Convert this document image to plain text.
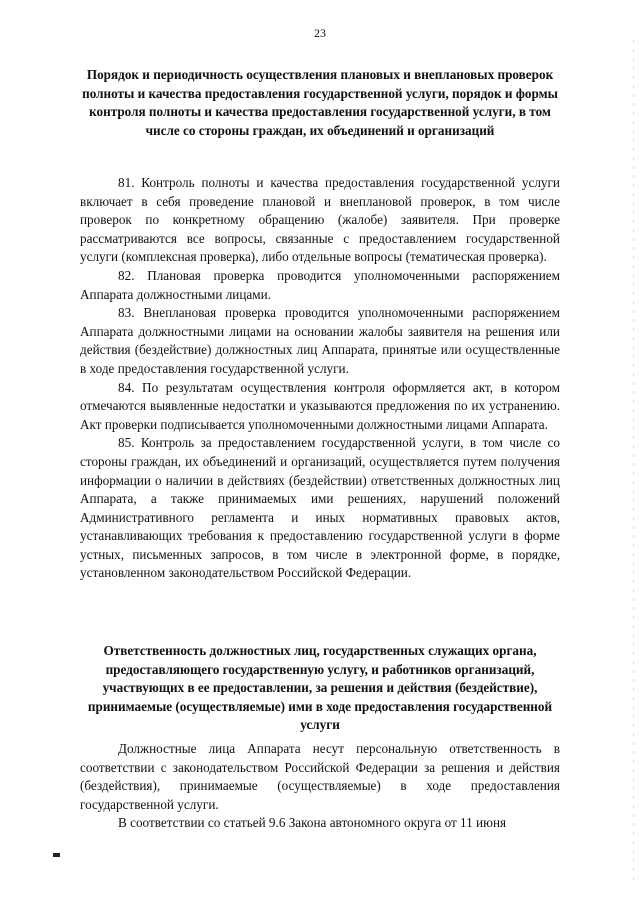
23
Порядок и периодичность осуществления плановых и внеплановых проверок полноты и качества предоставления государственной услуги, порядок и формы контроля полноты и качества предоставления государственной услуги, в том числе со стороны граждан, их объединений и организаций

81. Контроль полноты и качества предоставления государственной услуги включает в себя проведение плановой и внеплановой проверок, в том числе проверок по конкретному обращению (жалобе) заявителя. При проверке рассматриваются все вопросы, связанные с предоставлением государственной услуги (комплексная проверка), либо отдельные вопросы (тематическая проверка).

82. Плановая проверка проводится уполномоченными распоряжением Аппарата должностными лицами.

83. Внеплановая проверка проводится уполномоченными распоряжением Аппарата должностными лицами на основании жалобы заявителя на решения или действия (бездействие) должностных лиц Аппарата, принятые или осуществленные в ходе предоставления государственной услуги.

84. По результатам осуществления контроля оформляется акт, в котором отмечаются выявленные недостатки и указываются предложения по их устранению. Акт проверки подписывается уполномоченными должностными лицами Аппарата.

85. Контроль за предоставлением государственной услуги, в том числе со стороны граждан, их объединений и организаций, осуществляется путем получения информации о наличии в действиях (бездействии) ответственных должностных лиц Аппарата, а также принимаемых ими решениях, нарушений положений Административного регламента и иных нормативных правовых актов, устанавливающих требования к предоставлению государственной услуги в форме устных, письменных запросов, в том числе в электронной форме, в порядке, установленном законодательством Российской Федерации.

Ответственность должностных лиц, государственных служащих органа, предоставляющего государственную услугу, и работников организаций, участвующих в ее предоставлении, за решения и действия (бездействие), принимаемые (осуществляемые) ими в ходе предоставления государственной услуги

Должностные лица Аппарата несут персональную ответственность в соответствии с законодательством Российской Федерации за решения и действия (бездействия), принимаемые (осуществляемые) в ходе предоставления государственной услуги.

В соответствии со статьей 9.6 Закона автономного округа от 11 июня
